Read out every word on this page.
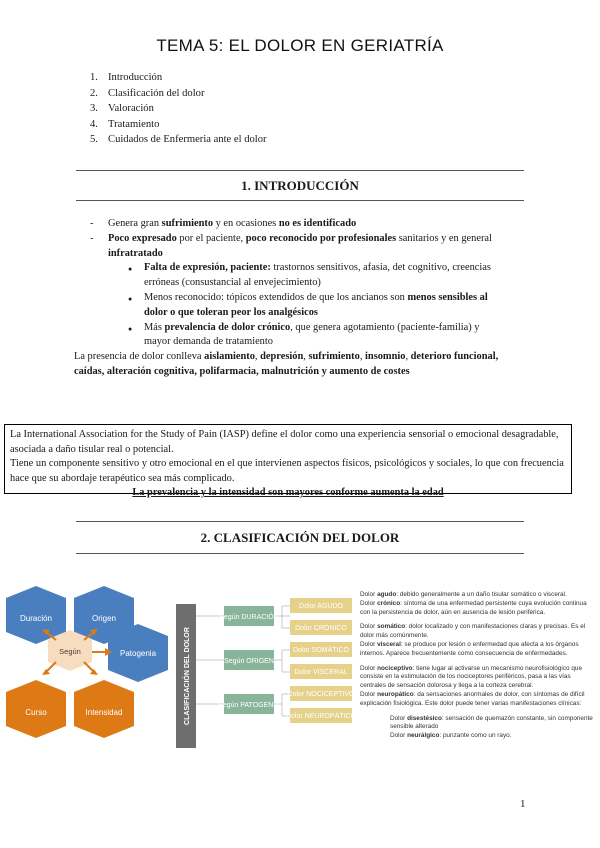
TEMA 5: EL DOLOR EN GERIATRÍA
1. Introducción
2. Clasificación del dolor
3. Valoración
4. Tratamiento
5. Cuidados de Enfermeria ante el dolor
1. INTRODUCCIÓN
- Genera gran sufrimiento y en ocasiones no es identificado
- Poco expresado por el paciente, poco reconocido por profesionales sanitarios y en general infratratado
● Falta de expresión, paciente: trastornos sensitivos, afasia, det cognitivo, creencias erróneas (consustancial al envejecimiento)
● Menos reconocido: tópicos extendidos de que los ancianos son menos sensibles al dolor o que toleran peor los analgésicos
● Más prevalencia de dolor crónico, que genera agotamiento (paciente-familia) y mayor demanda de tratamiento
La presencia de dolor conlleva aislamiento, depresión, sufrimiento, insomnio, deterioro funcional, caídas, alteración cognitiva, polifarmacia, malnutrición y aumento de costes
La International Association for the Study of Pain (IASP) define el dolor como una experiencia sensorial o emocional desagradable, asociada a daño tisular real o potencial.
Tiene un componente sensitivo y otro emocional en el que intervienen aspectos físicos, psicológicos y sociales, lo que con frecuencia hace que su abordaje terapéutico sea más complicado.
La prevalencia y la intensidad son mayores conforme aumenta la edad
2. CLASIFICACIÓN DEL DOLOR
Duración	Origen
Patogenia
Curso	Intensidad
Según	CLASIFICACIÓN DEL DOLOR
Según DURACIÓN
Según ORIGEN
Según PATOGENIA
Dolor AGUDO
Dolor CRÓNICO
Dolor SOMÁTICO
Dolor VISCERAL
Dolor NOCICEPTIVO
Dolor NEUROPÁTICO

Dolor agudo: debido generalmente a un daño tisular somático o visceral.
Dolor crónico: síntoma de una enfermedad persistente cuya evolución continua con la persistencia de dolor, aún en ausencia de lesión periférica.

Dolor somático: dolor localizado y con manifestaciones claras y precisas. Es el dolor más comúnmente.
Dolor visceral: se produce por lesión o enfermedad que afecta a los órganos internos. Aparece frecuentemente como consecuencia de enfermedades.

Dolor nociceptivo: tiene lugar al activarse un mecanismo neurofisiológico que consiste en la estimulación de los nociceptores periféricos, pasa a las vías centrales de sensación dolorosa y llega a la corteza cerebral.
Dolor neuropático: da sensaciones anormales de dolor, con síntomas de difícil explicación fisiológica. Este dolor puede tener varias manifestaciones clínicas:

Dolor disestésico: sensación de quemazón constante, sin componente sensible alterado

Dolor neurálgico: punzante como un rayo.

1
